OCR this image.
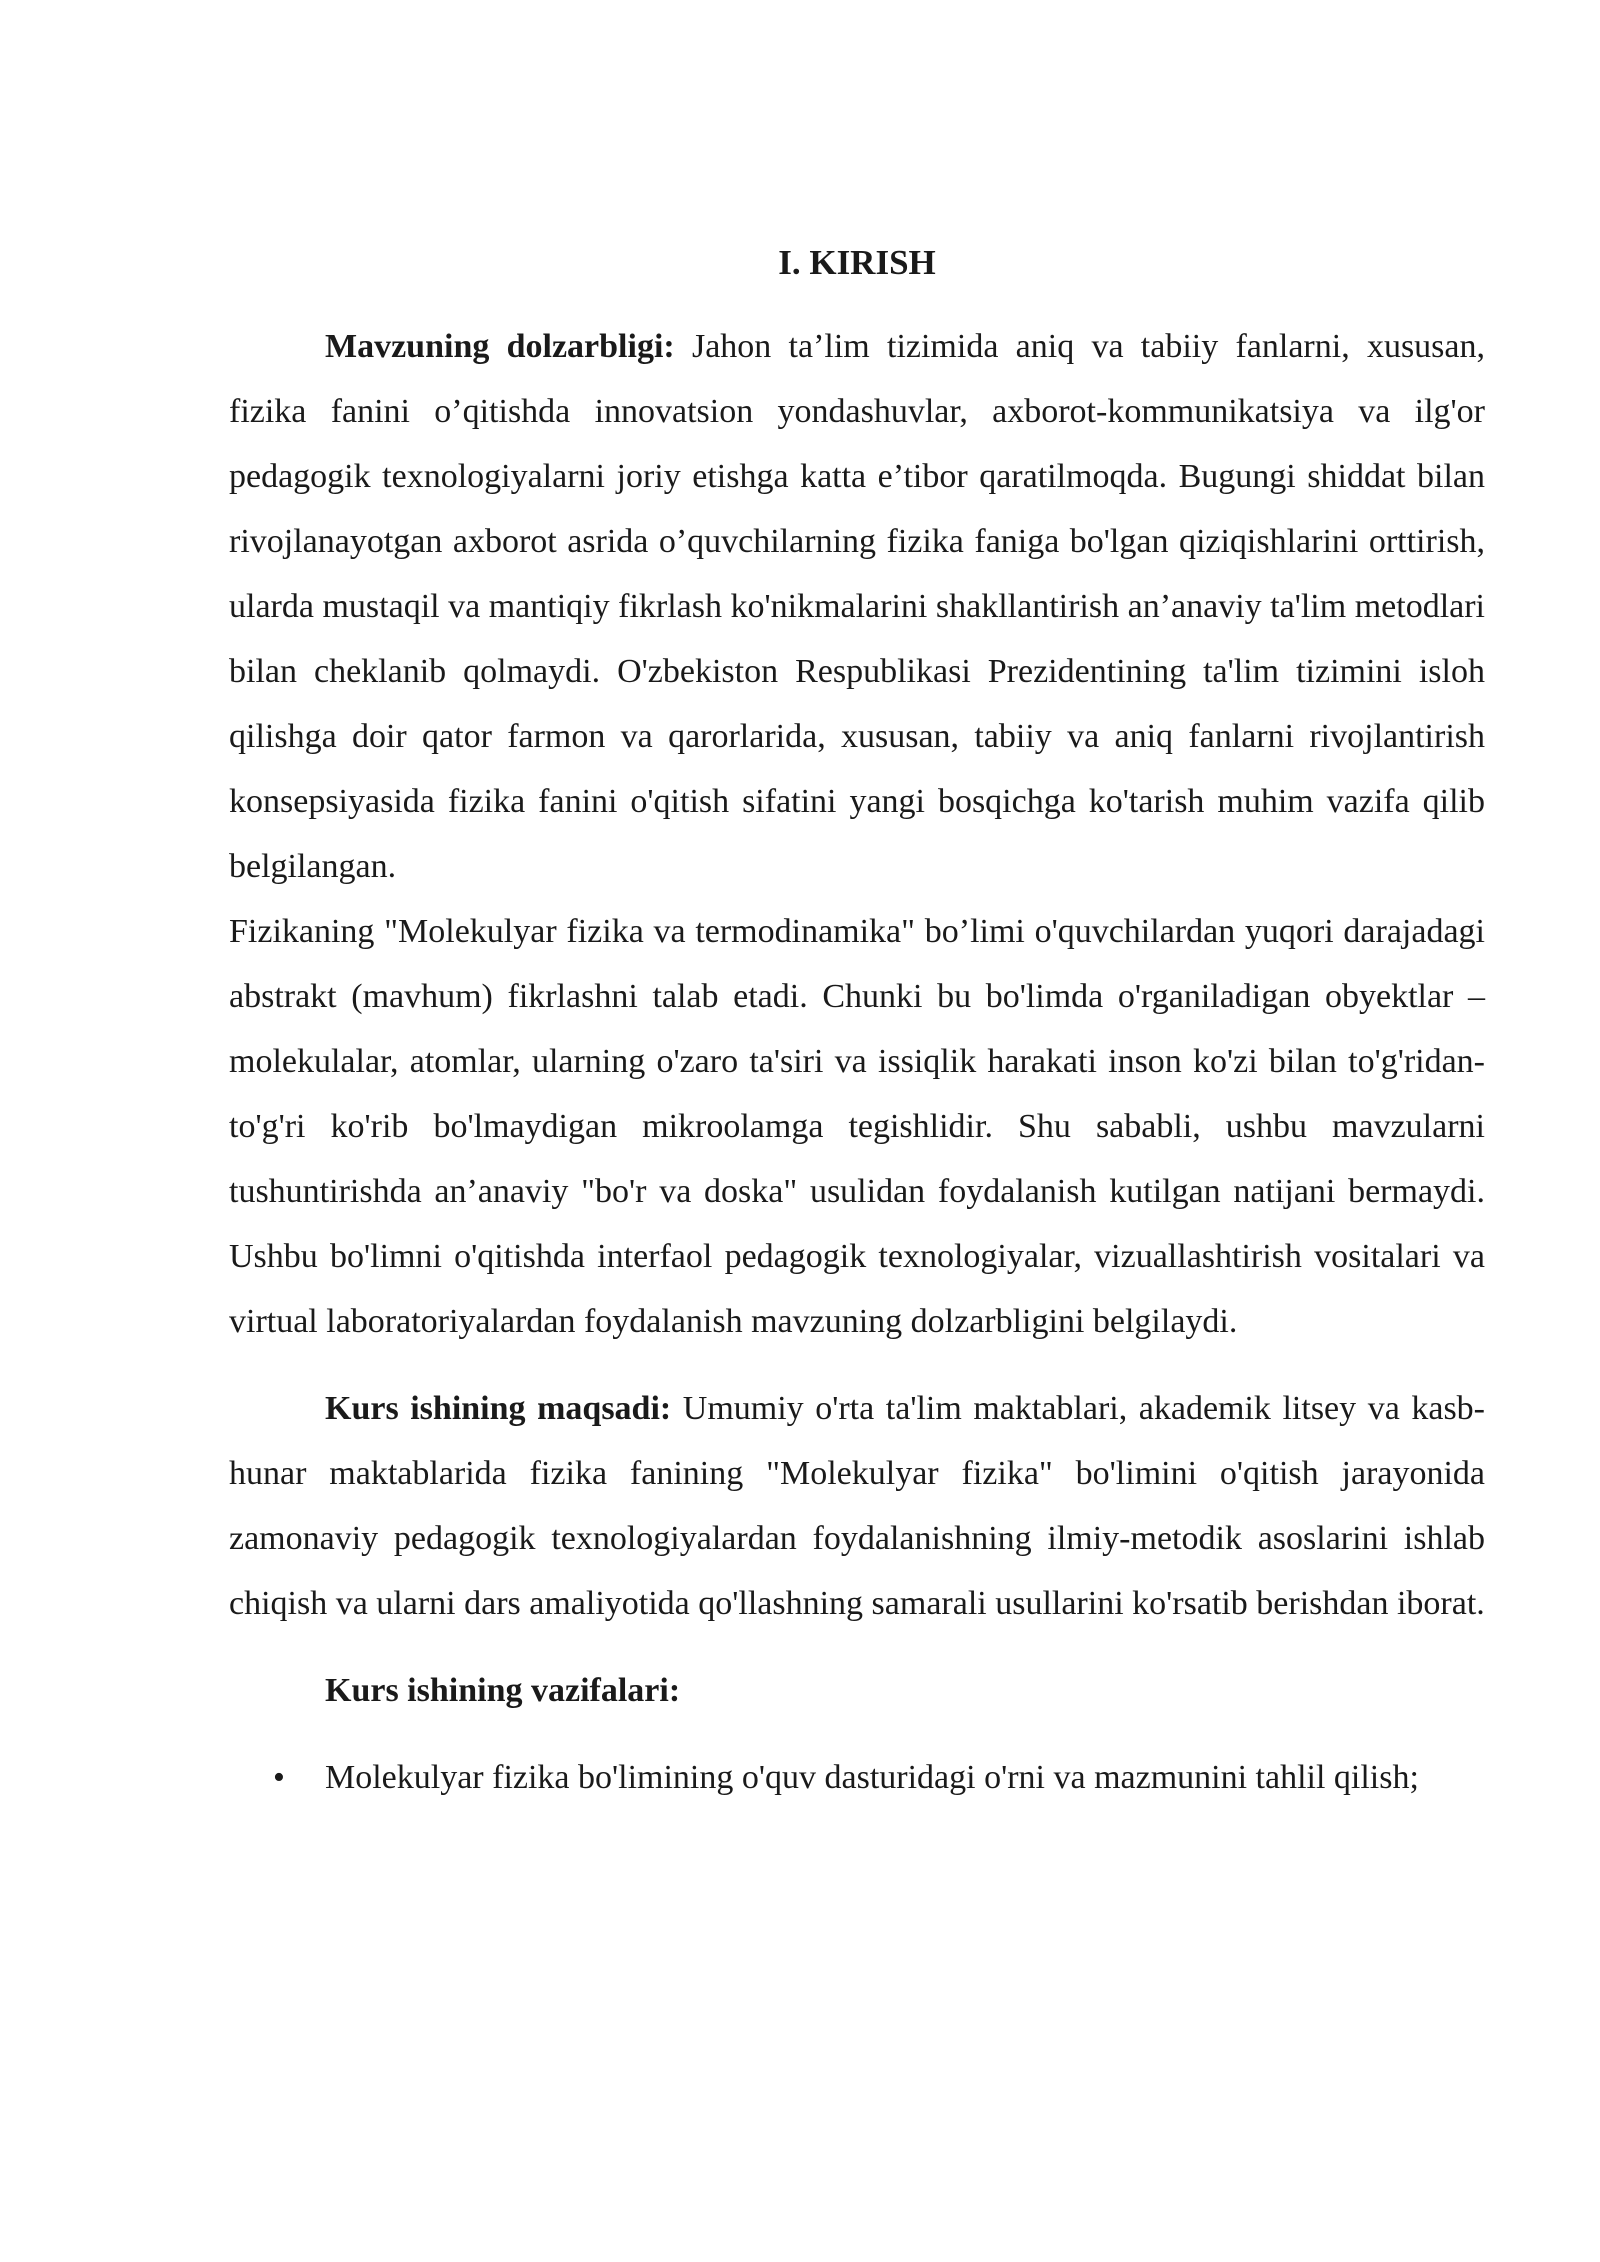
I. KIRISH

Mavzuning dolzarbligi: Jahon ta’lim tizimida aniq va tabiiy fanlarni, xususan, fizika fanini o’qitishda innovatsion yondashuvlar, axborot-kommunikatsiya va ilg'or pedagogik texnologiyalarni joriy etishga katta e’tibor qaratilmoqda. Bugungi shiddat bilan rivojlanayotgan axborot asrida o’quvchilarning fizika faniga bo'lgan qiziqishlarini orttirish, ularda mustaqil va mantiqiy fikrlash ko'nikmalarini shakllantirish an’anaviy ta'lim metodlari bilan cheklanib qolmaydi. O'zbekiston Respublikasi Prezidentining ta'lim tizimini isloh qilishga doir qator farmon va qarorlarida, xususan, tabiiy va aniq fanlarni rivojlantirish konsepsiyasida fizika fanini o'qitish sifatini yangi bosqichga ko'tarish muhim vazifa qilib belgilangan.

Fizikaning "Molekulyar fizika va termodinamika" bo’limi o'quvchilardan yuqori darajadagi abstrakt (mavhum) fikrlashni talab etadi. Chunki bu bo'limda o'rganiladigan obyektlar – molekulalar, atomlar, ularning o'zaro ta'siri va issiqlik harakati inson ko'zi bilan to'g'ridan-to'g'ri ko'rib bo'lmaydigan mikroolamga tegishlidir. Shu sababli, ushbu mavzularni tushuntirishda an’anaviy "bo'r va doska" usulidan foydalanish kutilgan natijani bermaydi. Ushbu bo'limni o'qitishda interfaol pedagogik texnologiyalar, vizuallashtirish vositalari va virtual laboratoriyalardan foydalanish mavzuning dolzarbligini belgilaydi.

Kurs ishining maqsadi: Umumiy o'rta ta'lim maktablari, akademik litsey va kasb-hunar maktablarida fizika fanining "Molekulyar fizika" bo'limini o'qitish jarayonida zamonaviy pedagogik texnologiyalardan foydalanishning ilmiy-metodik asoslarini ishlab chiqish va ularni dars amaliyotida qo'llashning samarali usullarini ko'rsatib berishdan iborat.

Kurs ishining vazifalari:

• Molekulyar fizika bo'limining o'quv dasturidagi o'rni va mazmunini tahlil qilish;
